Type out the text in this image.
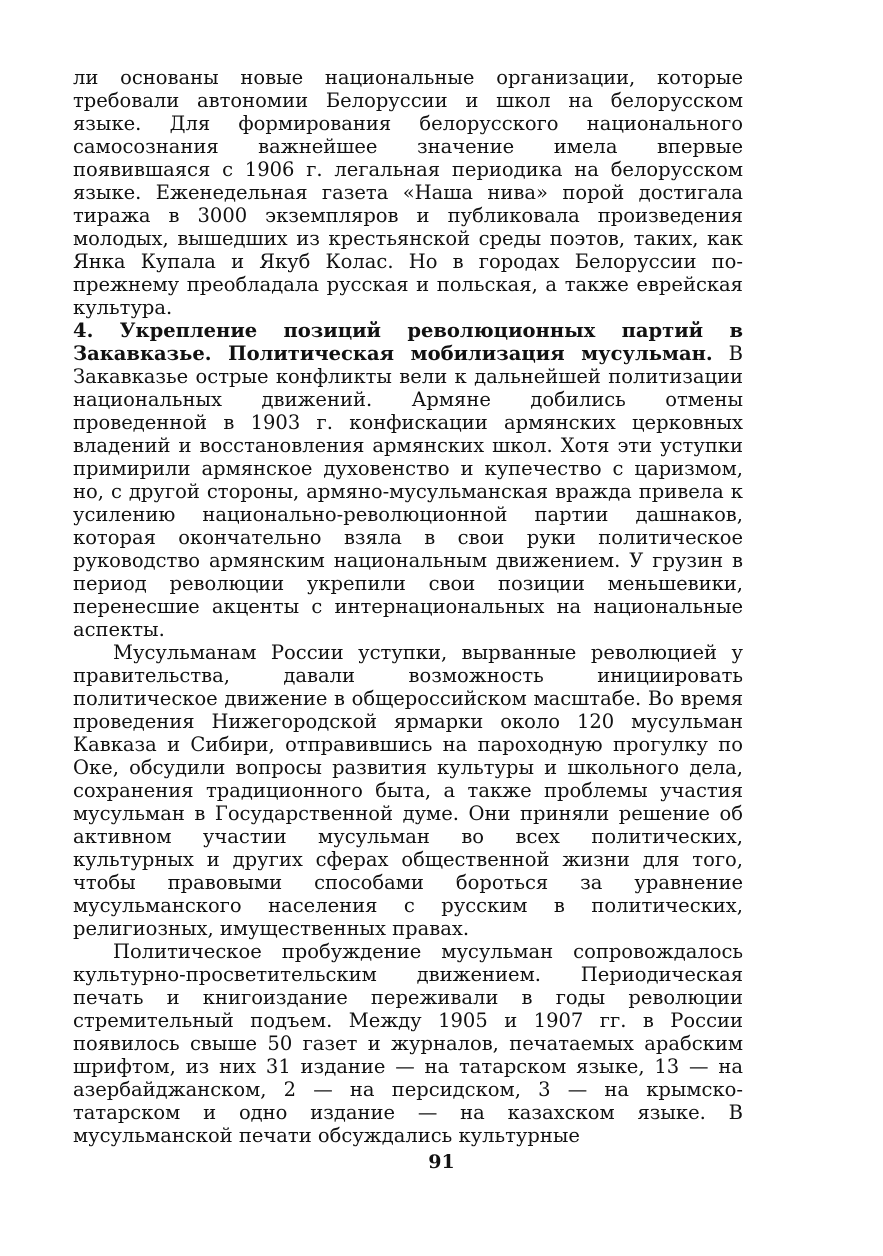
ли основаны новые национальные организации, которые требовали автономии Белоруссии и школ на белорусском языке. Для формирования белорусского национального самосознания важнейшее значение имела впервые появившаяся с 1906 г. легальная периодика на белорусском языке. Еженедельная газета «Наша нива» порой достигала тиража в 3000 экземпляров и публиковала произведения молодых, вышедших из крестьянской среды поэтов, таких, как Янка Купала и Якуб Колас. Но в городах Белоруссии по-прежнему преобладала русская и польская, а также еврейская культура.

4. Укрепление позиций революционных партий в Закавказье. Политическая мобилизация мусульман. В Закавказье острые конфликты вели к дальнейшей политизации национальных движений. Армяне добились отмены проведенной в 1903 г. конфискации армянских церковных владений и восстановления армянских школ. Хотя эти уступки примирили армянское духовенство и купечество с царизмом, но, с другой стороны, армяно-мусульманская вражда привела к усилению национально-революционной партии дашнаков, которая окончательно взяла в свои руки политическое руководство армянским национальным движением. У грузин в период революции укрепили свои позиции меньшевики, перенесшие акценты с интернациональных на национальные аспекты.

Мусульманам России уступки, вырванные революцией у правительства, давали возможность инициировать политическое движение в общероссийском масштабе. Во время проведения Нижегородской ярмарки около 120 мусульман Кавказа и Сибири, отправившись на пароходную прогулку по Оке, обсудили вопросы развития культуры и школьного дела, сохранения традиционного быта, а также проблемы участия мусульман в Государственной думе. Они приняли решение об активном участии мусульман во всех политических, культурных и других сферах общественной жизни для того, чтобы правовыми способами бороться за уравнение мусульманского населения с русским в политических, религиозных, имущественных правах.

Политическое пробуждение мусульман сопровождалось культурно-просветительским движением. Периодическая печать и книгоиздание переживали в годы революции стремительный подъем. Между 1905 и 1907 гг. в России появилось свыше 50 газет и журналов, печатаемых арабским шрифтом, из них 31 издание — на татарском языке, 13 — на азербайджанском, 2 — на персидском, 3 — на крымско-татарском и одно издание — на казахском языке. В мусульманской печати обсуждались культурные

91
